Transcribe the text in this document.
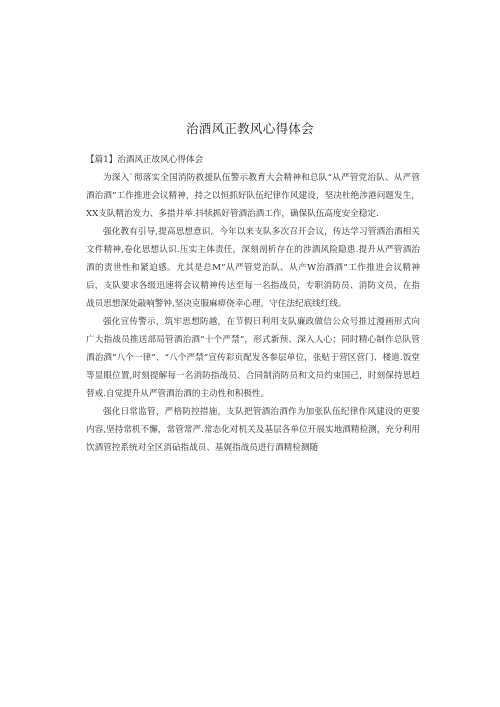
治酒风正教风心得体会

【篇1】治酒风正故风心得体会

为深入`彻落实全国消防救援队伍警示教育大会精神和总队“从严管党治队、从严管酒治酒”工作推进会议精神，持之以恒抓好队伍纪律作风建设，坚决杜绝涉港问题发生，XX支队精治发力、多措并举.抖犊抓好管酒治酒工作，确保队伍高度安全稳定.

强化教有引导,提高思想意识。今年以来支队多次召开会议，传达学习管酒治酒相关文件精神,卷化思想认识.压实主体责任，深刻剖析存在的涉酒风险隐患.提升从严管酒治酒的责世性和紧迫感。尤其是总M“从严管党治队、从产W治酒酒”工作推进会议精神后，支队要求各级迅速将会议精神传达至每一名指战员，专职消防员、消防文员，在指战员思想深处敲响警钟,坚决克服麻痹侥幸心理，守住法纪底线红线。

强化宣传警示，筑牢思想防越，在节假日利用支队廉政做信公众号推过漫画形式向广大指战员推送部局管酒治酒“十个严禁”，形式新预、深入人心；同时精心制作总队管酒治酒“八个一律”、“八个严禁”宣传彩页配发各参层单位，张贴于营区营门、楼道.饭堂等显眼位置,时刻提解每一名消防指战员、合同制消防员和文员约束国己，时刻保持思趋替戒.自觉提升从严管酒治酒的主动性和积极性。

强化日常监管，严格防控措施，支队把管酒治酒作为加张队伍纪律作风建设的更要内容,坚持常机不懈，常管常严.常态化对机关及基层各单位开展实地酒精检测，充分利用饮酒管控系统对全区消砧指战员、基娓指战员进行酒精检测随
